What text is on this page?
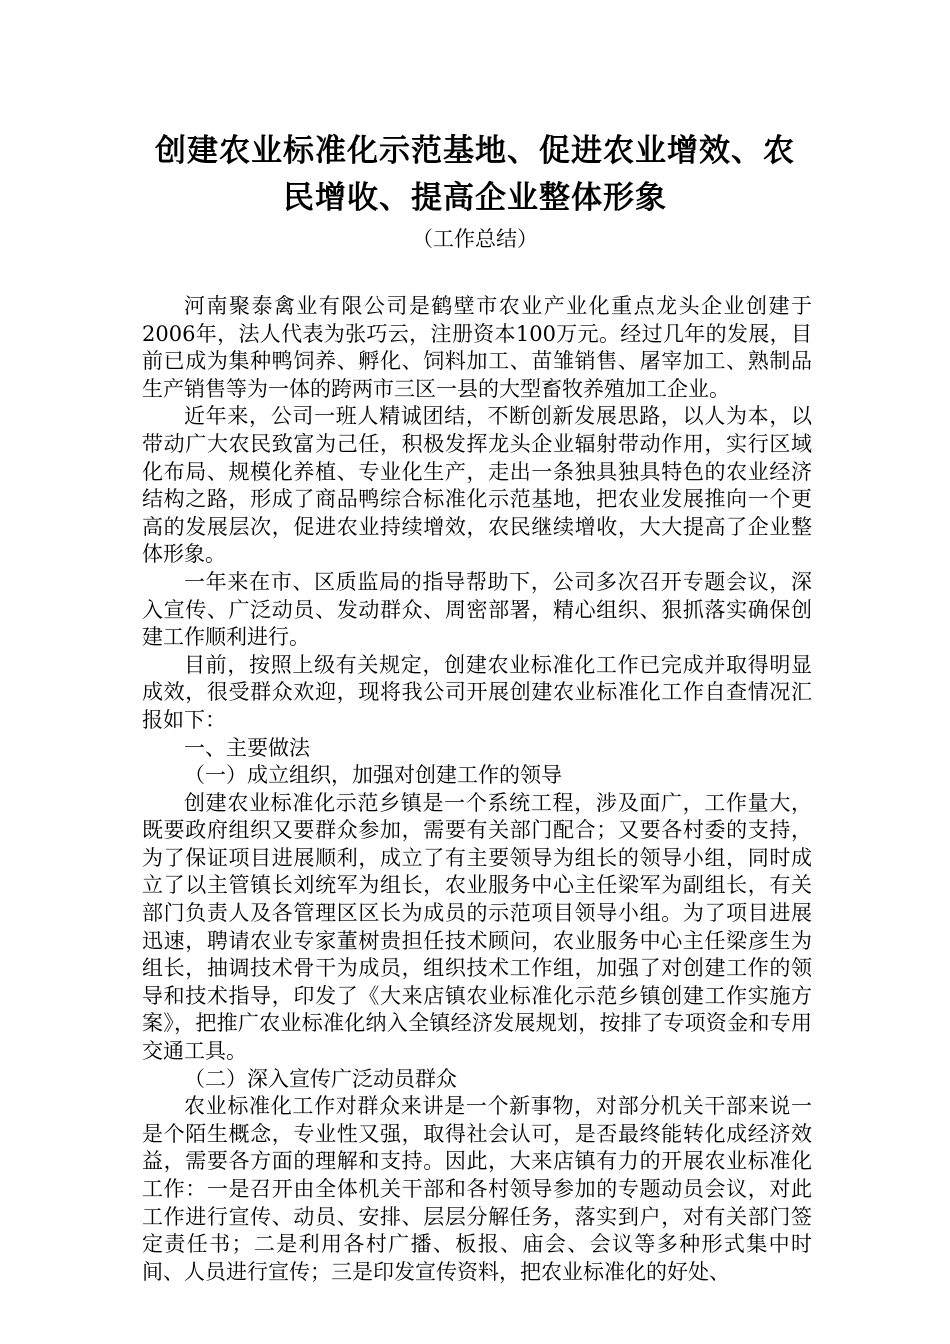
创建农业标准化示范基地、促进农业增效、农
民增收、提高企业整体形象
（工作总结）

河南聚泰禽业有限公司是鹤壁市农业产业化重点龙头企业创建于2006年，法人代表为张巧云，注册资本100万元。经过几年的发展，目前已成为集种鸭饲养、孵化、饲料加工、苗雏销售、屠宰加工、熟制品生产销售等为一体的跨两市三区一县的大型畜牧养殖加工企业。

近年来，公司一班人精诚团结，不断创新发展思路，以人为本，以带动广大农民致富为己任，积极发挥龙头企业辐射带动作用，实行区域化布局、规模化养植、专业化生产，走出一条独具独具特色的农业经济结构之路，形成了商品鸭综合标准化示范基地，把农业发展推向一个更高的发展层次，促进农业持续增效，农民继续增收，大大提高了企业整体形象。

一年来在市、区质监局的指导帮助下，公司多次召开专题会议，深入宣传、广泛动员、发动群众、周密部署，精心组织、狠抓落实确保创建工作顺利进行。

目前，按照上级有关规定，创建农业标准化工作已完成并取得明显成效，很受群众欢迎，现将我公司开展创建农业标准化工作自查情况汇报如下：

一、主要做法

（一）成立组织，加强对创建工作的领导

创建农业标准化示范乡镇是一个系统工程，涉及面广，工作量大，既要政府组织又要群众参加，需要有关部门配合；又要各村委的支持，为了保证项目进展顺利，成立了有主要领导为组长的领导小组，同时成立了以主管镇长刘统军为组长，农业服务中心主任梁军为副组长，有关部门负责人及各管理区区长为成员的示范项目领导小组。为了项目进展迅速，聘请农业专家董树贵担任技术顾问，农业服务中心主任梁彦生为组长，抽调技术骨干为成员，组织技术工作组，加强了对创建工作的领导和技术指导，印发了《大来店镇农业标准化示范乡镇创建工作实施方案》，把推广农业标准化纳入全镇经济发展规划，按排了专项资金和专用交通工具。

（二）深入宣传广泛动员群众

农业标准化工作对群众来讲是一个新事物，对部分机关干部来说一是个陌生概念，专业性又强，取得社会认可，是否最终能转化成经济效益，需要各方面的理解和支持。因此，大来店镇有力的开展农业标准化工作：一是召开由全体机关干部和各村领导参加的专题动员会议，对此工作进行宣传、动员、安排、层层分解任务，落实到户，对有关部门签定责任书；二是利用各村广播、板报、庙会、会议等多种形式集中时间、人员进行宣传；三是印发宣传资料，把农业标准化的好处、
